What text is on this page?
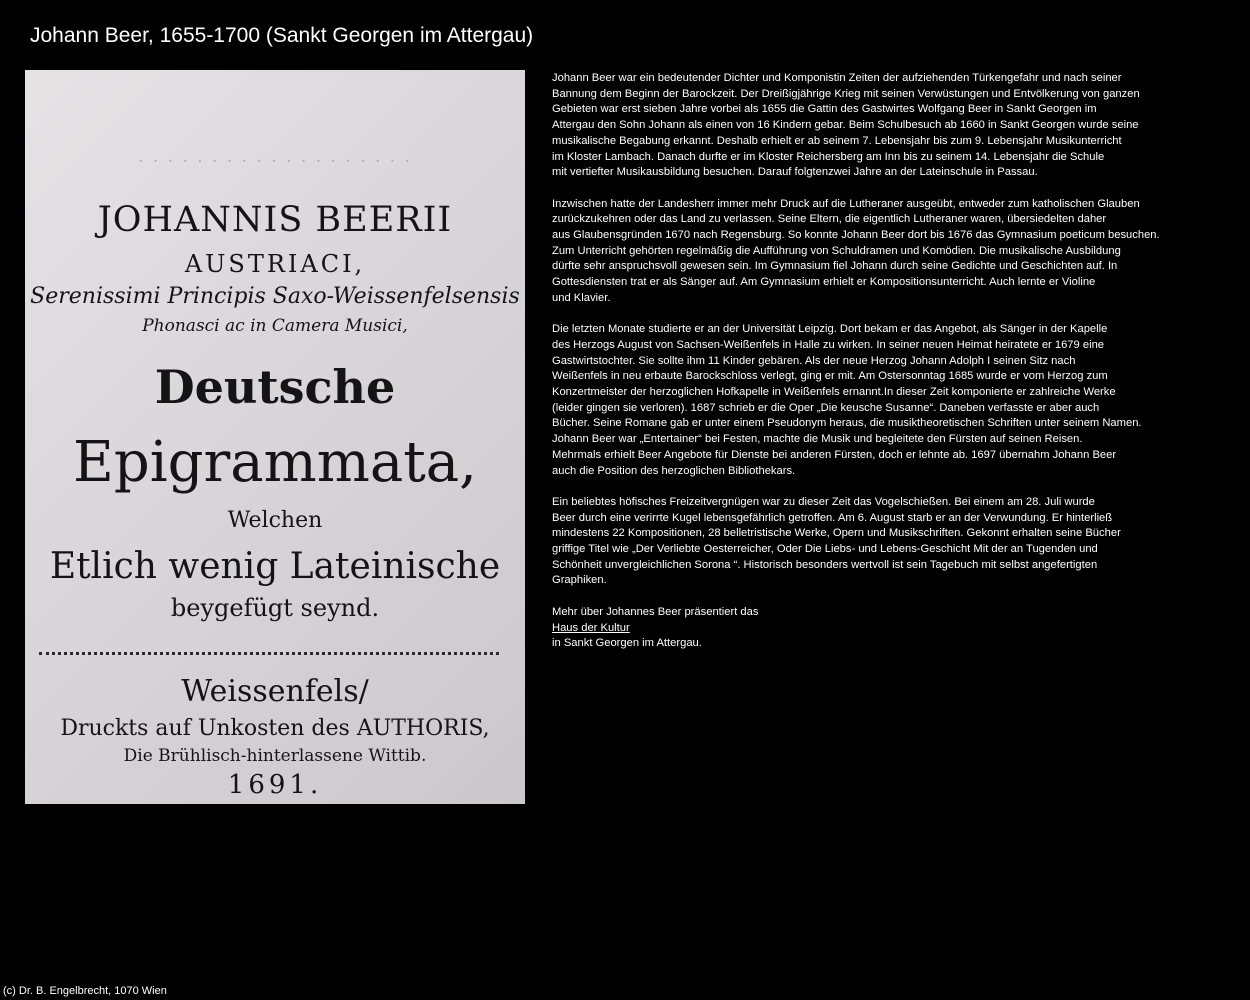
Johann Beer, 1655-1700 (Sankt Georgen im Attergau)
· · · · · · · · · · · · · · · · · · ·
JOHANNIS BEERII
AUSTRIACI,
Serenissimi Principis Saxo-Weissenfelsensis
Phonasci ac in Camera Musici,
Deutsche
Epigrammata,
Welchen
Etlich wenig Lateinische
beygefügt seynd.
Weissenfels/
Druckts auf Unkosten des AUTHORIS,
Die Brühlisch-hinterlassene Wittib.
1691.

Johann Beer war ein bedeutender Dichter und Komponistin Zeiten der aufziehenden Türkengefahr und nach seiner
Bannung dem Beginn der Barockzeit. Der Dreißigjährige Krieg mit seinen Verwüstungen und Entvölkerung von ganzen
Gebieten war erst sieben Jahre vorbei als 1655 die Gattin des Gastwirtes Wolfgang Beer in Sankt Georgen im
Attergau den Sohn Johann als einen von 16 Kindern gebar. Beim Schulbesuch ab 1660 in Sankt Georgen wurde seine
musikalische Begabung erkannt. Deshalb erhielt er ab seinem 7. Lebensjahr bis zum 9. Lebensjahr Musikunterricht
im Kloster Lambach. Danach durfte er im Kloster Reichersberg am Inn bis zu seinem 14. Lebensjahr die Schule
mit vertiefter Musikausbildung besuchen. Darauf folgtenzwei Jahre an der Lateinschule in Passau.

Inzwischen hatte der Landesherr immer mehr Druck auf die Lutheraner ausgeübt, entweder zum katholischen Glauben
zurückzukehren oder das Land zu verlassen. Seine Eltern, die eigentlich Lutheraner waren, übersiedelten daher
aus Glaubensgründen 1670 nach Regensburg. So konnte Johann Beer dort bis 1676 das Gymnasium poeticum besuchen.
Zum Unterricht gehörten regelmäßig die Aufführung von Schuldramen und Komödien. Die musikalische Ausbildung
dürfte sehr anspruchsvoll gewesen sein. Im Gymnasium fiel Johann durch seine Gedichte und Geschichten auf. In
Gottesdiensten trat er als Sänger auf. Am Gymnasium erhielt er Kompositionsunterricht. Auch lernte er Violine
und Klavier.

Die letzten Monate studierte er an der Universität Leipzig. Dort bekam er das Angebot, als Sänger in der Kapelle
des Herzogs August von Sachsen-Weißenfels in Halle zu wirken. In seiner neuen Heimat heiratete er 1679 eine
Gastwirtstochter. Sie sollte ihm 11 Kinder gebären. Als der neue Herzog Johann Adolph I seinen Sitz nach
Weißenfels in neu erbaute Barockschloss verlegt, ging er mit. Am Ostersonntag 1685 wurde er vom Herzog zum
Konzertmeister der herzoglichen Hofkapelle in Weißenfels ernannt.In dieser Zeit komponierte er zahlreiche Werke
(leider gingen sie verloren). 1687 schrieb er die Oper „Die keusche Susanne“. Daneben verfasste er aber auch
Bücher. Seine Romane gab er unter einem Pseudonym heraus, die musiktheoretischen Schriften unter seinem Namen.
Johann Beer war „Entertainer“ bei Festen, machte die Musik und begleitete den Fürsten auf seinen Reisen.
Mehrmals erhielt Beer Angebote für Dienste bei anderen Fürsten, doch er lehnte ab. 1697 übernahm Johann Beer
auch die Position des herzoglichen Bibliothekars.

Ein beliebtes höfisches Freizeitvergnügen war zu dieser Zeit das Vogelschießen. Bei einem am 28. Juli wurde
Beer durch eine verirrte Kugel lebensgefährlich getroffen. Am 6. August starb er an der Verwundung. Er hinterließ
mindestens 22 Kompositionen, 28 belletristische Werke, Opern und Musikschriften. Gekonnt erhalten seine Bücher
griffige Titel wie „Der Verliebte Oesterreicher, Oder Die Liebs- und Lebens-Geschicht Mit der an Tugenden und
Schönheit unvergleichlichen Sorona “. Historisch besonders wertvoll ist sein Tagebuch mit selbst angefertigten
Graphiken.

Mehr über Johannes Beer präsentiert das
Haus der Kultur
in Sankt Georgen im Attergau.

(c) Dr. B. Engelbrecht, 1070 Wien
